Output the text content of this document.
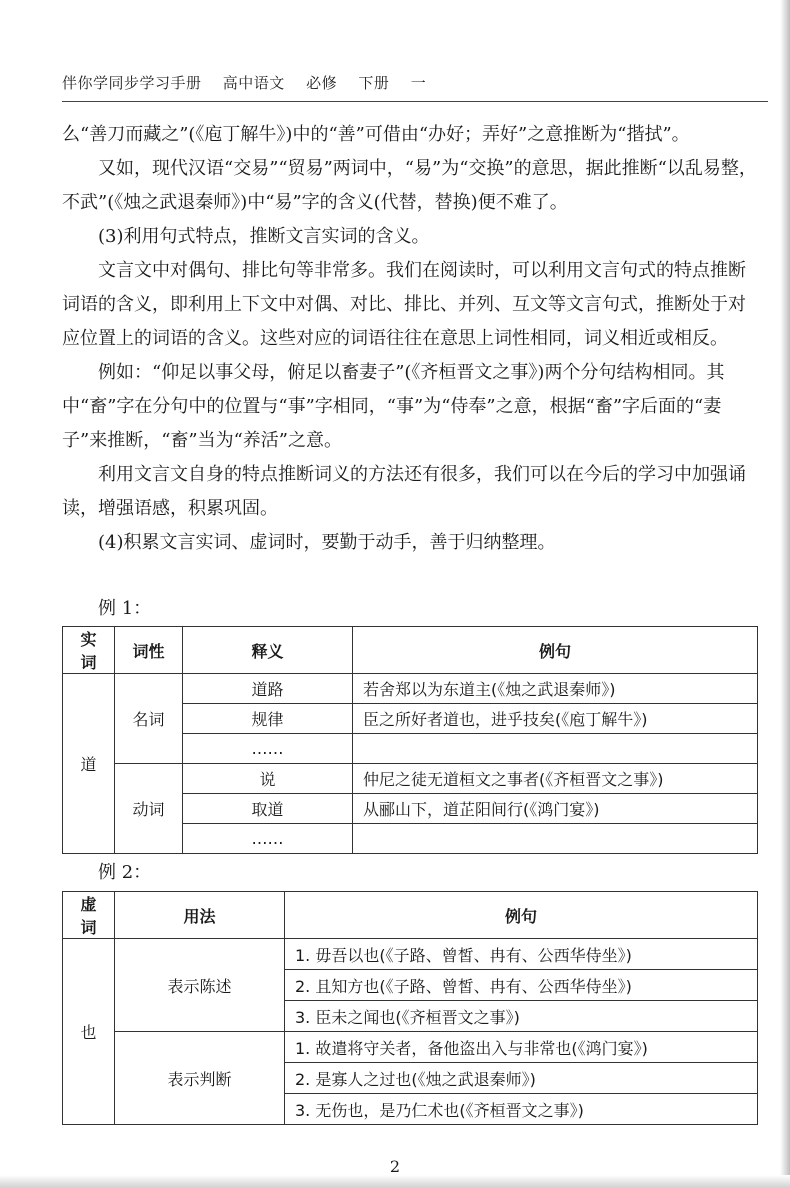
伴你学同步学习手册 高中语文 必修 下册 一

么“善刀而藏之”(《庖丁解牛》)中的“善”可借由“办好；弄好”之意推断为“揩拭”。

又如，现代汉语“交易”“贸易”两词中，“易”为“交换”的意思，据此推断“以乱易整，不武”(《烛之武退秦师》)中“易”字的含义(代替，替换)便不难了。

(3)利用句式特点，推断文言实词的含义。

文言文中对偶句、排比句等非常多。我们在阅读时，可以利用文言句式的特点推断词语的含义，即利用上下文中对偶、对比、排比、并列、互文等文言句式，推断处于对应位置上的词语的含义。这些对应的词语往往在意思上词性相同，词义相近或相反。

例如：“仰足以事父母，俯足以畜妻子”(《齐桓晋文之事》)两个分句结构相同。其中“畜”字在分句中的位置与“事”字相同，“事”为“侍奉”之意，根据“畜”字后面的“妻子”来推断，“畜”当为“养活”之意。

利用文言文自身的特点推断词义的方法还有很多，我们可以在今后的学习中加强诵读，增强语感，积累巩固。

(4)积累文言实词、虚词时，要勤于动手，善于归纳整理。

例 1：
实词	词性	释义	例句
道	名词	道路	若舍郑以为东道主(《烛之武退秦师》)
		规律	臣之所好者道也，进乎技矣(《庖丁解牛》)
		……	
	动词	说	仲尼之徒无道桓文之事者(《齐桓晋文之事》)
		取道	从郦山下，道芷阳间行(《鸿门宴》)
		……	
例 2：
虚词	用法	例句
也	表示陈述	1. 毋吾以也(《子路、曾皙、冉有、公西华侍坐》)
		2. 且知方也(《子路、曾皙、冉有、公西华侍坐》)
		3. 臣未之闻也(《齐桓晋文之事》)
	表示判断	1. 故遣将守关者，备他盗出入与非常也(《鸿门宴》)
		2. 是寡人之过也(《烛之武退秦师》)
		3. 无伤也，是乃仁术也(《齐桓晋文之事》)
2
